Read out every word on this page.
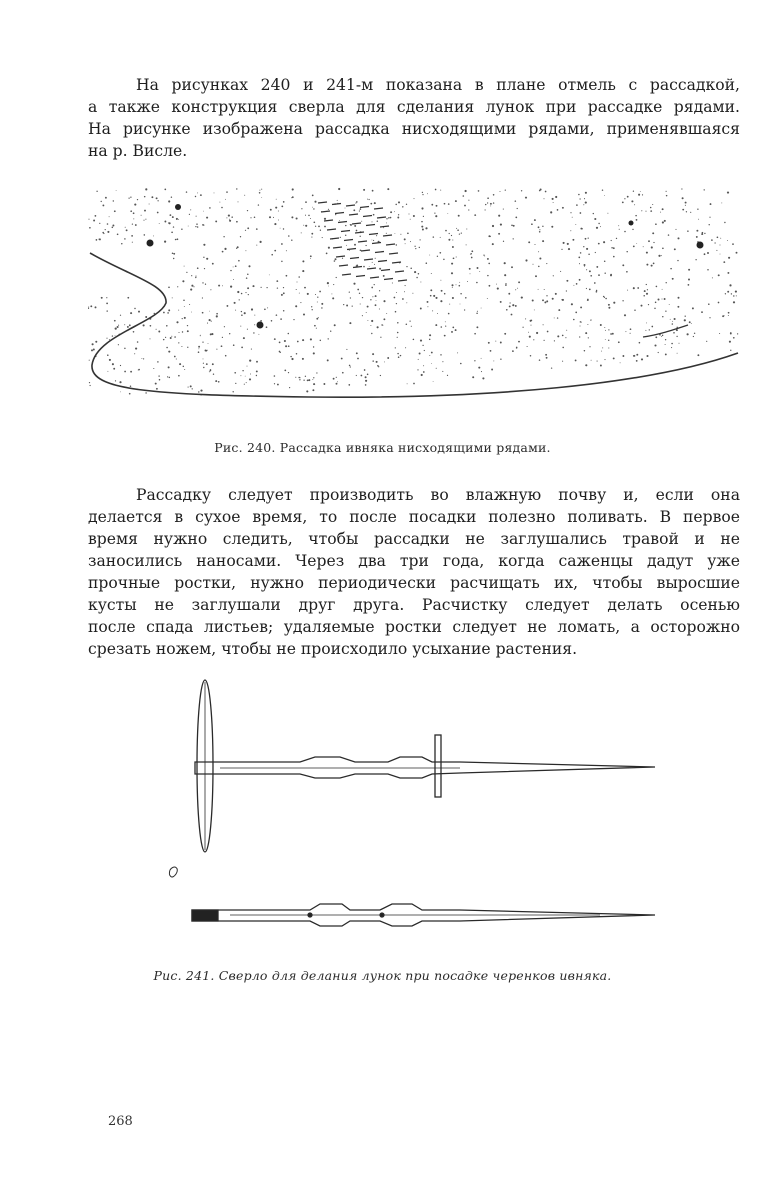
На рисунках 240 и 241-м показана в плане отмель с рассадкой,
а также конструкция сверла для сделания лунок при рассадке рядами.
На рисунке изображена рассадка нисходящими рядами, применявшаяся
на р. Висле.

Рис. 240. Рассадка ивняка нисходящими рядами.

Рассадку следует производить во влажную почву и, если она
делается в сухое время, то после посадки полезно поливать. В первое
время нужно следить, чтобы рассадки не заглушались травой и не
заносились наносами. Через два три года, когда саженцы дадут уже
прочные ростки, нужно периодически расчищать их, чтобы выросшие
кусты не заглушали друг друга. Расчистку следует делать осенью
после спада листьев; удаляемые ростки следует не ломать, а осторожно
срезать ножем, чтобы не происходило усыхание растения.

Рис. 241. Сверло для делания лунок при посадке черенков ивняка.

268
